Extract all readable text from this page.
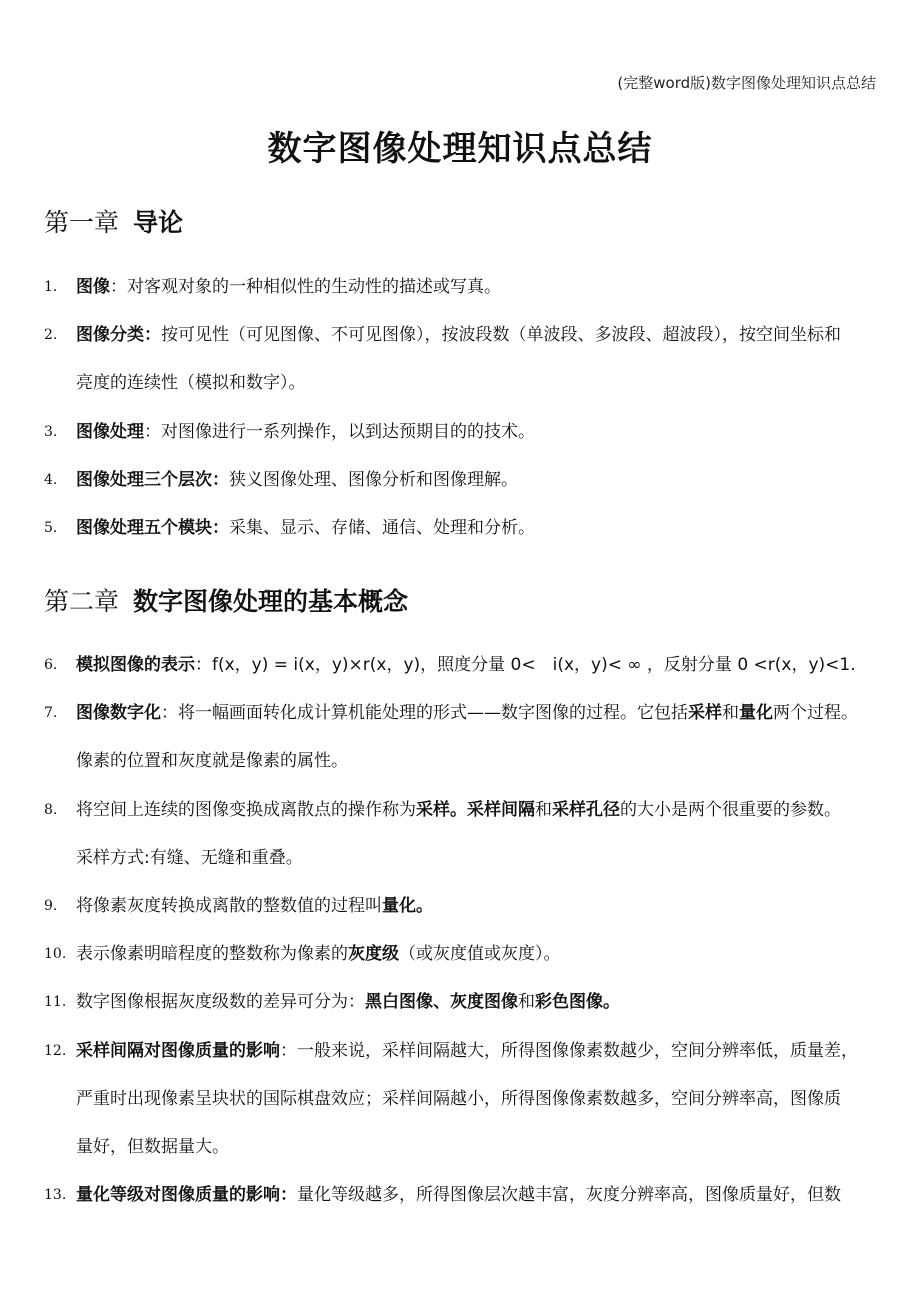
(完整word版)数字图像处理知识点总结
数字图像处理知识点总结
第一章 导论
第二章 数字图像处理的基本概念
1.	图像：对客观对象的一种相似性的生动性的描述或写真。
2.	图像分类：按可见性（可见图像、不可见图像），按波段数（单波段、多波段、超波段），按空间坐标和
亮度的连续性（模拟和数字）。
3.	图像处理：对图像进行一系列操作，以到达预期目的的技术。
4.	图像处理三个层次：狭义图像处理、图像分析和图像理解。
5.	图像处理五个模块：采集、显示、存储、通信、处理和分析。
6.	模拟图像的表示：f(x，y) = i(x，y)×r(x，y)，照度分量 0<　i(x，y)< ∞ ，反射分量 0 <r(x，y)<1.
7.	图像数字化：将一幅画面转化成计算机能处理的形式——数字图像的过程。它包括采样和量化两个过程。
像素的位置和灰度就是像素的属性。
8.	将空间上连续的图像变换成离散点的操作称为采样。采样间隔和采样孔径的大小是两个很重要的参数。
采样方式:有缝、无缝和重叠。
9.	将像素灰度转换成离散的整数值的过程叫量化。
10. 表示像素明暗程度的整数称为像素的灰度级（或灰度值或灰度）。
11. 数字图像根据灰度级数的差异可分为：黑白图像、灰度图像和彩色图像。
12. 采样间隔对图像质量的影响：一般来说，采样间隔越大，所得图像像素数越少，空间分辨率低，质量差，
严重时出现像素呈块状的国际棋盘效应；采样间隔越小，所得图像像素数越多，空间分辨率高，图像质
量好，但数据量大。
13. 量化等级对图像质量的影响：量化等级越多，所得图像层次越丰富，灰度分辨率高，图像质量好，但数
